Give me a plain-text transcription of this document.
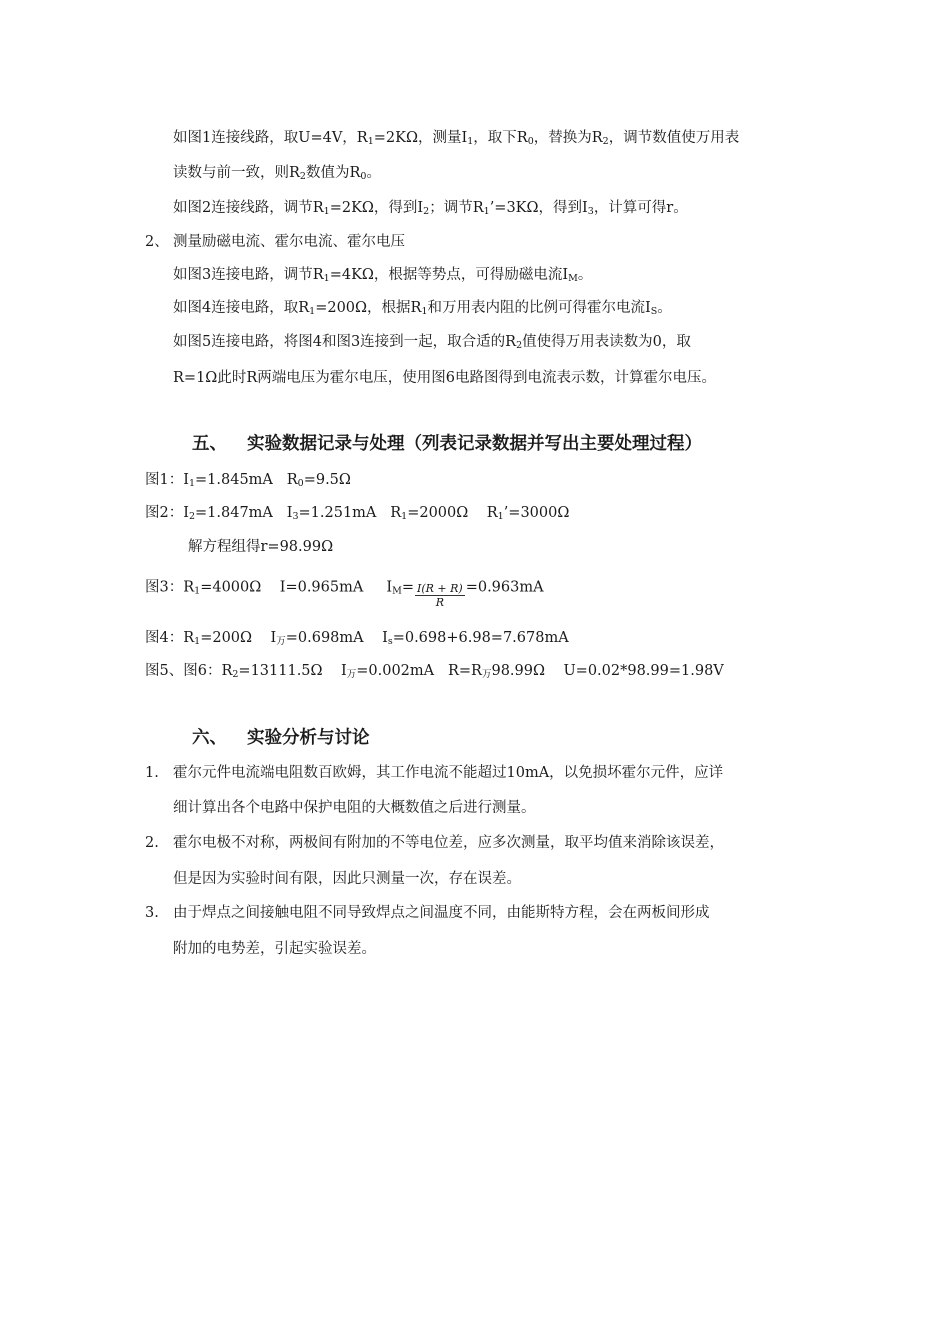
如图1连接线路，取U=4V，$R_1=2K\Omega$，测量$I_1$，取下$R_0$，替换为$R_2$，调节数值使万用表
读数与前一致，则$R_2$数值为$R_0$。
如图2连接线路，调节$R_1=2K\Omega$，得到$I_2$；调节$R_1’=3K\Omega$，得到$I_3$，计算可得r。
2、 测量励磁电流、霍尔电流、霍尔电压
如图3连接电路，调节$R_1=4K\Omega$，根据等势点，可得励磁电流$I_M$。
如图4连接电路，取$R_1=200\Omega$，根据$R_1$和万用表内阻的比例可得霍尔电流$I_S$。
如图5连接电路，将图4和图3连接到一起，取合适的$R_2$值使得万用表读数为0，取
R=1Ω此时R两端电压为霍尔电压，使用图6电路图得到电流表示数，计算霍尔电压。
五、 实验数据记录与处理（列表记录数据并写出主要处理过程）
图1：$I_1=1.845mA$ $R_0=9.5\Omega$
图2：$I_2=1.847mA$ $I_3=1.251mA$ $R_1=2000\Omega$ $R_1’=3000\Omega$
解方程组得r=98.99Ω
图3：$R_1=4000\Omega$ I=0.965mA $I_M= \frac{I(R + R)}{R} =0.963mA$
图4：$R_1=200\Omega$ $I_万=0.698mA$ $I_s=0.698+6.98=7.678mA$
图5、图6：$R_2=13111.5\Omega$ $I_万=0.002mA$ $R=R_万98.99\Omega$ U=0.02*98.99=1.98V
六、 实验分析与讨论
1. 霍尔元件电流端电阻数百欧姆，其工作电流不能超过10mA，以免损坏霍尔元件，应详
细计算出各个电路中保护电阻的大概数值之后进行测量。
2. 霍尔电极不对称，两极间有附加的不等电位差，应多次测量，取平均值来消除该误差，
但是因为实验时间有限，因此只测量一次，存在误差。
3. 由于焊点之间接触电阻不同导致焊点之间温度不同，由能斯特方程，会在两板间形成
附加的电势差，引起实验误差。
